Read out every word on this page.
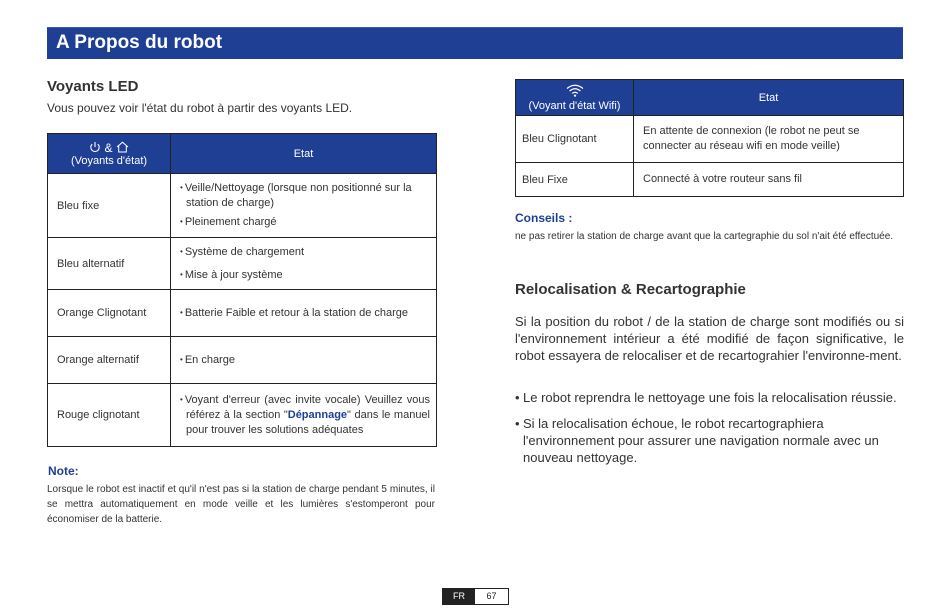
A Propos du robot
Voyants LED
Vous pouvez voir l'état du robot à partir des voyants LED.
&
(Voyants d'état)	Etat
Bleu fixe	• Veille/Nettoyage (lorsque non positionné sur la station de charge)
• Pleinement chargé

Bleu alternatif	• Système de chargement
• Mise à jour système

Orange Clignotant	• Batterie Faible et retour à la station de charge

Orange alternatif	• En charge

Rouge clignotant	• Voyant d'erreur (avec invite vocale) Veuillez vous référez à la section "Dépannage" dans le manuel pour trouver les solutions adéquates
Note:
Lorsque le robot est inactif et qu'il n'est pas si la station de charge pendant 5 minutes, il se mettra automatiquement en mode veille et les lumières s'estomperont pour économiser de la batterie.
(Voyant d'état Wifi)	Etat
Bleu Clignotant	En attente de connexion (le robot ne peut se connecter au réseau wifi en mode veille)
Bleu Fixe	Connecté à votre routeur sans fil
Conseils :
ne pas retirer la station de charge avant que la cartegraphie du sol n'ait été effectuée.
Relocalisation & Recartographie
Si la position du robot / de la station de charge sont modifiés ou si l'environnement intérieur a été modifié de façon significative, le robot essayera de relocaliser et de recartograhier l'environne-ment.
• Le robot reprendra le nettoyage une fois la relocalisation réussie.
• Si la relocalisation échoue, le robot recartographiera l'environnement pour assurer une navigation normale avec un nouveau nettoyage.
FR	67
